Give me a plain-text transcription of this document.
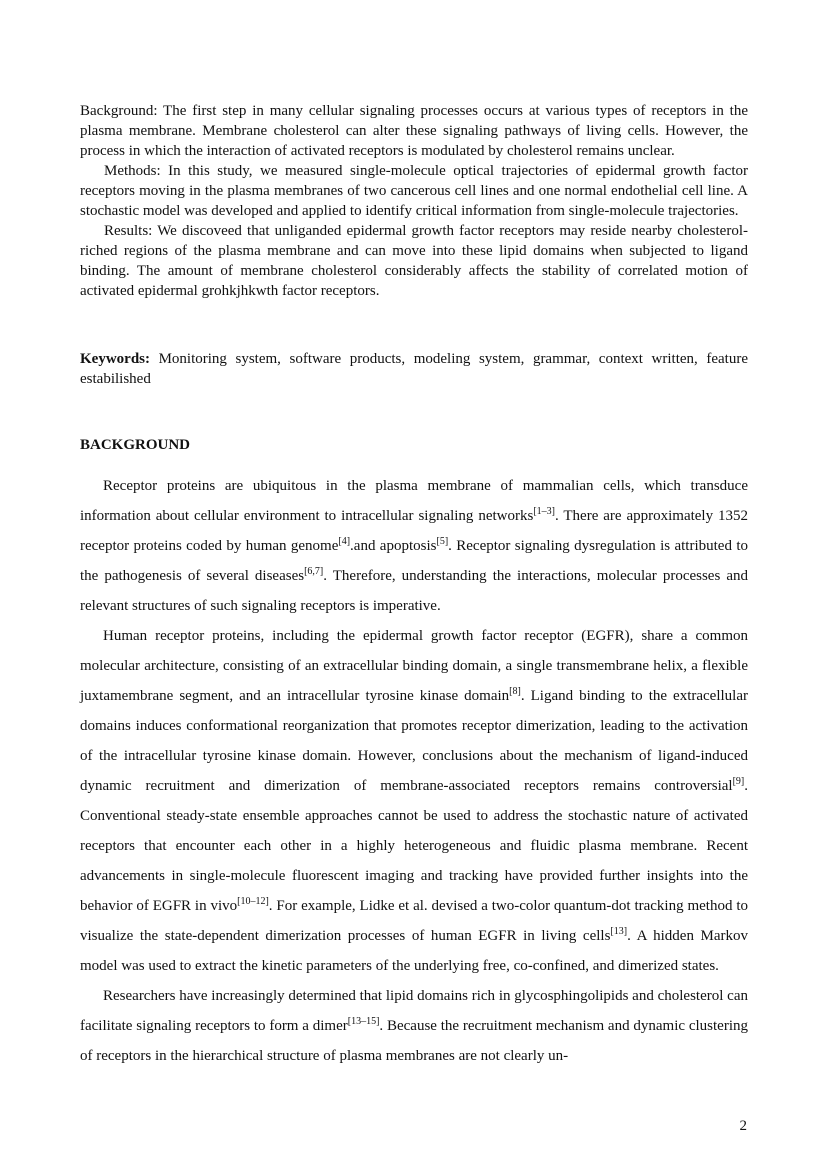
Background: The first step in many cellular signaling processes occurs at various types of receptors in the plasma membrane. Membrane cholesterol can alter these signaling pathways of living cells. However, the process in which the interaction of activated receptors is modulated by cholesterol remains unclear.

Methods: In this study, we measured single-molecule optical trajectories of epidermal growth factor receptors moving in the plasma membranes of two cancerous cell lines and one normal endothelial cell line. A stochastic model was developed and applied to identify critical information from single-molecule trajectories.

Results: We discoveed that unliganded epidermal growth factor receptors may reside nearby cholesterol-riched regions of the plasma membrane and can move into these lipid domains when subjected to ligand binding. The amount of membrane cholesterol considerably affects the stability of correlated motion of activated epidermal grohkjhkwth factor receptors.

Keywords: Monitoring system, software products, modeling system, grammar, context written, feature estabilished

BACKGROUND

Receptor proteins are ubiquitous in the plasma membrane of mammalian cells, which transduce information about cellular environment to intracellular signaling networks[1–3]. There are approximately 1352 receptor proteins coded by human genome[4].and apoptosis[5]. Receptor signaling dysregulation is attributed to the pathogenesis of several diseases[6,7]. Therefore, understanding the interactions, molecular processes and relevant structures of such signaling receptors is imperative.

Human receptor proteins, including the epidermal growth factor receptor (EGFR), share a common molecular architecture, consisting of an extracellular binding domain, a single transmembrane helix, a flexible juxtamembrane segment, and an intracellular tyrosine kinase domain[8]. Ligand binding to the extracellular domains induces conformational reorganization that promotes receptor dimerization, leading to the activation of the intracellular tyrosine kinase domain. However, conclusions about the mechanism of ligand-induced dynamic recruitment and dimerization of membrane-associated receptors remains controversial[9]. Conventional steady-state ensemble approaches cannot be used to address the stochastic nature of activated receptors that encounter each other in a highly heterogeneous and fluidic plasma membrane. Recent advancements in single-molecule fluorescent imaging and tracking have provided further insights into the behavior of EGFR in vivo[10–12]. For example, Lidke et al. devised a two-color quantum-dot tracking method to visualize the state-dependent dimerization processes of human EGFR in living cells[13]. A hidden Markov model was used to extract the kinetic parameters of the underlying free, co-confined, and dimerized states.

Researchers have increasingly determined that lipid domains rich in glycosphingolipids and cholesterol can facilitate signaling receptors to form a dimer[13–15]. Because the recruitment mechanism and dynamic clustering of receptors in the hierarchical structure of plasma membranes are not clearly un-

2
